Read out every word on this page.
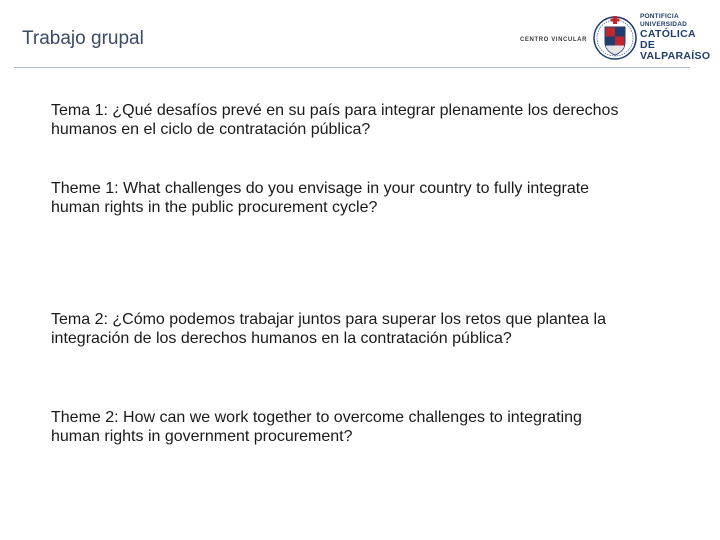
Trabajo grupal	CENTRO VINCULAR
PONTIFICIA
UNIVERSIDAD
CATÓLICA DE
VALPARAÍSO

Tema 1: ¿Qué desafíos prevé en su país para integrar plenamente los derechos humanos en el ciclo de contratación pública?

Theme 1: What challenges do you envisage in your country to fully integrate human rights in the public procurement cycle?

Tema 2: ¿Cómo podemos trabajar juntos para superar los retos que plantea la integración de los derechos humanos en la contratación pública?

Theme 2: How can we work together to overcome challenges to integrating human rights in government procurement?
